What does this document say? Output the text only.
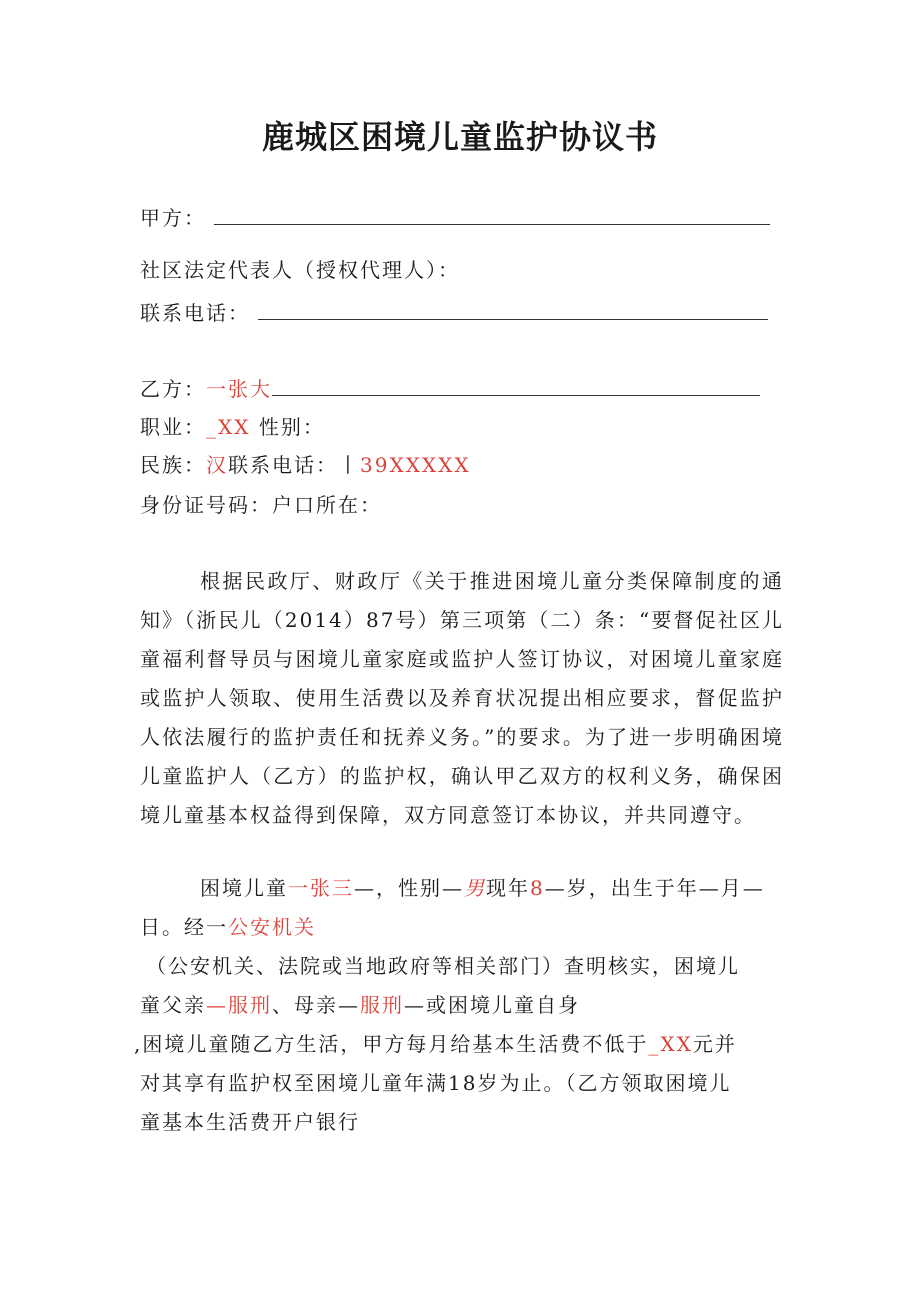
鹿城区困境儿童监护协议书
甲方：
社区法定代表人（授权代理人）：
联系电话：
乙方：一张大
职业：_XX 性别：
民族：汉联系电话：丨39XXXXX
身份证号码：户口所在：
根据民政厅、财政厅《关于推进困境儿童分类保障制度的通知》（浙民儿（2014）87号）第三项第（二）条：“要督促社区儿童福利督导员与困境儿童家庭或监护人签订协议，对困境儿童家庭或监护人领取、使用生活费以及养育状况提出相应要求，督促监护人依法履行的监护责任和抚养义务。”的要求。为了进一步明确困境儿童监护人（乙方）的监护权，确认甲乙双方的权利义务，确保困境儿童基本权益得到保障，双方同意签订本协议，并共同遵守。
困境儿童一张三—，性别—男现年8—岁，出生于年—月—
日。经一公安机关
（公安机关、法院或当地政府等相关部门）查明核实，困境儿
童父亲—服刑、母亲—服刑—或困境儿童自身
,困境儿童随乙方生活，甲方每月给基本生活费不低于_XX元并
对其享有监护权至困境儿童年满18岁为止。（乙方领取困境儿
童基本生活费开户银行
